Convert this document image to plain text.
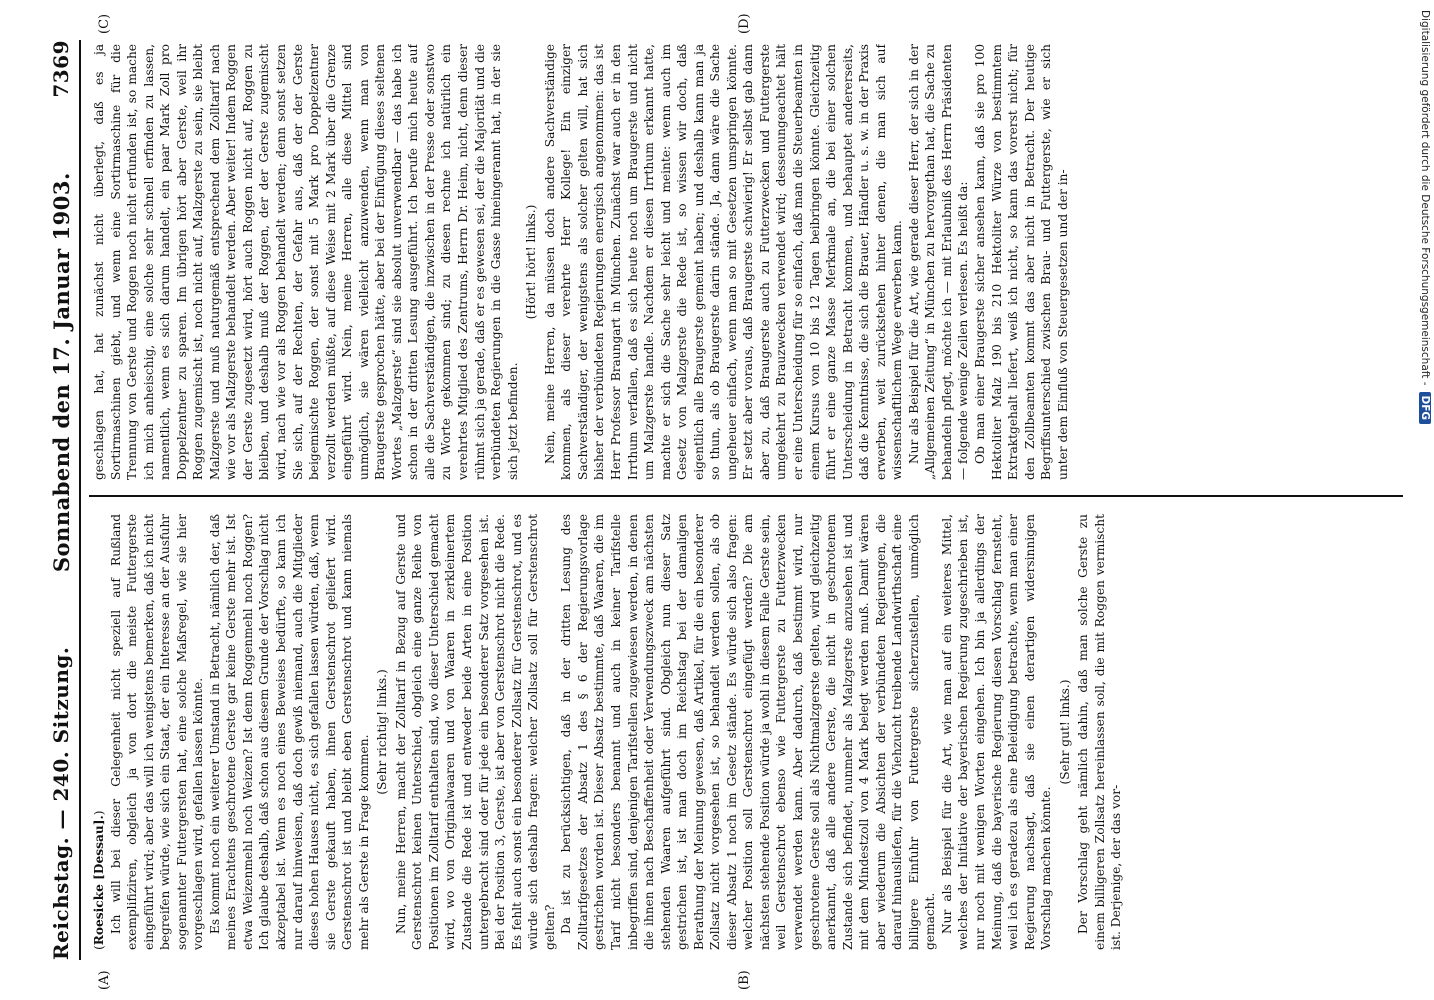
Reichstag. — 240. Sitzung.
Sonnabend den 17. Januar 1903.
7369
(A)	(B)
(C)	(D)

(Roesicke [Dessau].) Ich will bei dieser Gelegenheit nicht speziell auf Rußland exemplifiziren, obgleich ja von dort die meiste Futtergerste eingeführt wird; aber das will ich wenigstens bemerken, daß ich nicht begreifen würde, wie sich ein Staat, der ein Interesse an der Ausfuhr sogenannter Futtergersten hat, eine solche Maßregel, wie sie hier vorgeschlagen wird, gefallen lassen könnte. Es kommt noch ein weiterer Umstand in Betracht, nämlich der, daß meines Erachtens geschrotene Gerste gar keine Gerste mehr ist. Ist etwa Weizenmehl noch Weizen? Ist denn Roggenmehl noch Roggen? Ich glaube deshalb, daß schon aus diesem Grunde der Vorschlag nicht akzeptabel ist. Wenn es noch eines Beweises bedürfte, so kann ich nur darauf hinweisen, daß doch gewiß niemand, auch die Mitglieder dieses hohen Hauses nicht, es sich gefallen lassen würden, daß, wenn sie Gerste gekauft haben, ihnen Gerstenschrot geliefert wird. Gerstenschrot ist und bleibt eben Gerstenschrot und kann niemals mehr als Gerste in Frage kommen.

(Sehr richtig! links.) Nun, meine Herren, macht der Zolltarif in Bezug auf Gerste und Gerstenschrot keinen Unterschied, obgleich eine ganze Reihe von Positionen im Zolltarif enthalten sind, wo dieser Unterschied gemacht wird, wo von Originalwaaren und von Waaren in zerkleinertem Zustande die Rede ist und entweder beide Arten in eine Position untergebracht sind oder für jede ein besonderer Satz vorgesehen ist. Bei der Position 3, Gerste, ist aber von Gerstenschrot nicht die Rede. Es fehlt auch sonst ein besonderer Zollsatz für Gerstenschrot, und es würde sich deshalb fragen: welcher Zollsatz soll für Gerstenschrot gelten? Da ist zu berücksichtigen, daß in der dritten Lesung des Zolltarifgesetzes der Absatz 1 des § 6 der Regierungsvorlage gestrichen worden ist. Dieser Absatz bestimmte, daß Waaren, die im Tarif nicht besonders benannt und auch in keiner Tarifstelle inbegriffen sind, denjenigen Tarifstellen zugewiesen werden, in denen die ihnen nach Beschaffenheit oder Verwendungszweck am nächsten stehenden Waaren aufgeführt sind. Obgleich nun dieser Satz gestrichen ist, ist man doch im Reichstag bei der damaligen Berathung der Meinung gewesen, daß Artikel, für die ein besonderer Zollsatz nicht vorgesehen ist, so behandelt werden sollen, als ob dieser Absatz 1 noch im Gesetz stände. Es würde sich also fragen: welcher Position soll Gerstenschrot eingefügt werden? Die am nächsten stehende Position würde ja wohl in diesem Falle Gerste sein, weil Gerstenschrot ebenso wie Futtergerste zu Futterzwecken verwendet werden kann. Aber dadurch, daß bestimmt wird, nur geschrotene Gerste soll als Nichtmalzgerste gelten, wird gleichzeitig anerkannt, daß alle andere Gerste, die nicht in geschrotenem Zustande sich befindet, nunmehr als Malzgerste anzusehen ist und mit dem Mindestzoll von 4 Mark belegt werden muß. Damit wären aber wiederum die Absichten der verbündeten Regierungen, die darauf hinausliefen, für die Viehzucht treibende Landwirthschaft eine billigere Einfuhr von Futtergerste sicherzustellen, unmöglich gemacht. Nur als Beispiel für die Art, wie man auf ein weiteres Mittel, welches der Initiative der bayerischen Regierung zugeschrieben ist, nur noch mit wenigen Worten eingehen. Ich bin ja allerdings der Meinung, daß die bayerische Regierung diesen Vorschlag fernsteht, weil ich es geradezu als eine Beleidigung betrachte, wenn man einer Regierung nachsagt, daß sie einen derartigen widersinnigen Vorschlag machen könnte.

(Sehr gut! links.) Der Vorschlag geht nämlich dahin, daß man solche Gerste zu einem billigeren Zollsatz hereinlassen soll, die mit Roggen vermischt ist. Derjenige, der das vor-

geschlagen hat, hat zunächst nicht überlegt, daß es ja Sortirmaschinen giebt, und wenn eine Sortirmaschine für die Trennung von Gerste und Roggen noch nicht erfunden ist, so mache ich mich anheischig, eine solche sehr schnell erfinden zu lassen, namentlich, wenn es sich darum handelt, ein paar Mark Zoll pro Doppelzentner zu sparen. Im übrigen hört aber Gerste, weil ihr Roggen zugemischt ist, noch nicht auf, Malzgerste zu sein, sie bleibt Malzgerste und muß naturgemäß entsprechend dem Zolltarif nach wie vor als Malzgerste behandelt werden. Aber weiter! Indem Roggen der Gerste zugesetzt wird, hört auch Roggen nicht auf, Roggen zu bleiben, und deshalb muß der Roggen, der der Gerste zugemischt wird, nach wie vor als Roggen behandelt werden; denn sonst setzen Sie sich, auf der Rechten, der Gefahr aus, daß der der Gerste beigemischte Roggen, der sonst mit 5 Mark pro Doppelzentner verzollt werden müßte, auf diese Weise mit 2 Mark über die Grenze eingeführt wird. Nein, meine Herren, alle diese Mittel sind unmöglich, sie wären vielleicht anzuwenden, wenn man von Braugerste gesprochen hätte, aber bei der Einfügung dieses seltenen Wortes „Malzgerste“ sind sie absolut unverwendbar — das habe ich schon in der dritten Lesung ausgeführt. Ich berufe mich heute auf alle die Sachverständigen, die inzwischen in der Presse oder sonstwo zu Worte gekommen sind; zu diesen rechne ich natürlich ein verehrtes Mitglied des Zentrums, Herrn Dr. Heim, nicht, denn dieser rühmt sich ja gerade, daß er es gewesen sei, der die Majorität und die verbündeten Regierungen in die Gasse hineingerannt hat, in der sie sich jetzt befinden.

(Hört! hört! links.) Nein, meine Herren, da müssen doch andere Sachverständige kommen, als dieser verehrte Herr Kollege! Ein einziger Sachverständiger, der wenigstens als solcher gelten will, hat sich bisher der verbündeten Regierungen energisch angenommen: das ist Herr Professor Braungart in München. Zunächst war auch er in den Irrthum verfallen, daß es sich heute noch um Braugerste und nicht um Malzgerste handle. Nachdem er diesen Irrthum erkannt hatte, machte er sich die Sache sehr leicht und meinte: wenn auch im Gesetz von Malzgerste die Rede ist, so wissen wir doch, daß eigentlich alle Braugerste gemeint haben; und deshalb kann man ja so thun, als ob Braugerste darin stände. Ja, dann wäre die Sache ungeheuer einfach, wenn man so mit Gesetzen umspringen könnte. Er setzt aber voraus, daß Braugerste schwierig! Er selbst gab dann aber zu, daß Braugerste auch zu Futterzwecken und Futtergerste umgekehrt zu Brauzwecken verwendet wird; dessenungeachtet hält er eine Unterscheidung für so einfach, daß man die Steuerbeamten in einem Kursus von 10 bis 12 Tagen beibringen könnte. Gleichzeitig führt er eine ganze Masse Merkmale an, die bei einer solchen Unterscheidung in Betracht kommen, und behauptet andererseits, daß die Kenntnisse, die sich die Brauer, Händler u. s. w. in der Praxis erwerben, weit zurückstehen hinter denen, die man sich auf wissenschaftlichem Wege erwerben kann. Nur als Beispiel für die Art, wie gerade dieser Herr, der sich in der „Allgemeinen Zeitung“ in München zu hervorgethan hat, die Sache zu behandeln pflegt, möchte ich — mit Erlaubniß des Herrn Präsidenten — folgende wenige Zeilen verlesen. Es heißt da: Ob man einer Braugerste sicher ansehen kann, daß sie pro 100 Hektoliter Malz 190 bis 210 Hektoliter Würze von bestimmtem Extraktgehalt liefert, weiß ich nicht, so kann das vorerst nicht; für den Zollbeamten kommt das aber nicht in Betracht. Der heutige Begriffsunterschied zwischen Brau- und Futtergerste, wie er sich unter dem Einfluß von Steuergesetzen und der in-	Digitalisierung gefördert durch die Deutsche Forschungsgemeinschaft -DFG
